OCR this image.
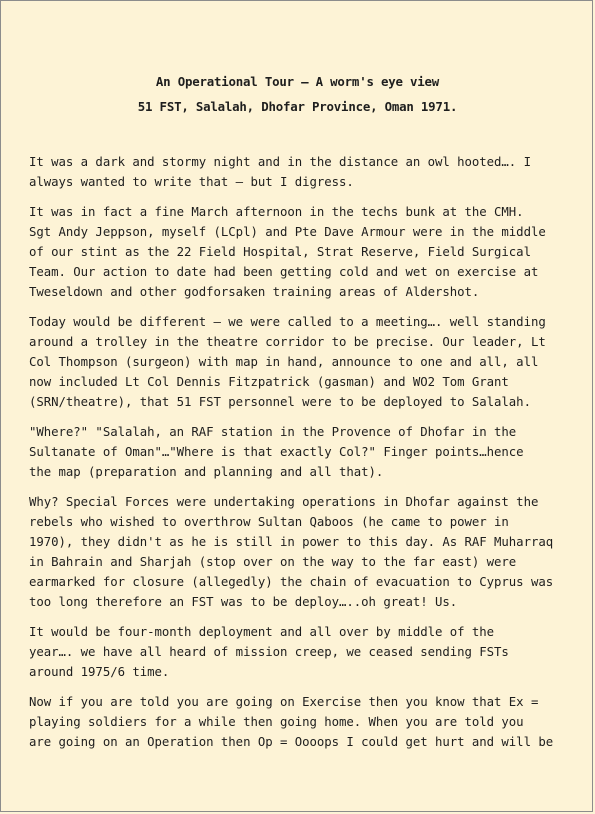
An Operational Tour – A worm's eye view

51 FST, Salalah, Dhofar Province, Oman 1971.

It was a dark and stormy night and in the distance an owl hooted…. I
always wanted to write that – but I digress.

It was in fact a fine March afternoon in the techs bunk at the CMH.
Sgt Andy Jeppson, myself (LCpl) and Pte Dave Armour were in the middle
of our stint as the 22 Field Hospital, Strat Reserve, Field Surgical
Team. Our action to date had been getting cold and wet on exercise at
Tweseldown and other godforsaken training areas of Aldershot.

Today would be different – we were called to a meeting…. well standing
around a trolley in the theatre corridor to be precise. Our leader, Lt
Col Thompson (surgeon) with map in hand, announce to one and all, all
now included Lt Col Dennis Fitzpatrick (gasman) and WO2 Tom Grant
(SRN/theatre), that 51 FST personnel were to be deployed to Salalah.

"Where?" "Salalah, an RAF station in the Provence of Dhofar in the
Sultanate of Oman"…"Where is that exactly Col?" Finger points…hence
the map (preparation and planning and all that).

Why? Special Forces were undertaking operations in Dhofar against the
rebels who wished to overthrow Sultan Qaboos (he came to power in
1970), they didn't as he is still in power to this day. As RAF Muharraq
in Bahrain and Sharjah (stop over on the way to the far east) were
earmarked for closure (allegedly) the chain of evacuation to Cyprus was
too long therefore an FST was to be deploy…..oh great! Us.

It would be four-month deployment and all over by middle of the
year…. we have all heard of mission creep, we ceased sending FSTs
around 1975/6 time.

Now if you are told you are going on Exercise then you know that Ex =
playing soldiers for a while then going home. When you are told you
are going on an Operation then Op = Oooops I could get hurt and will be
